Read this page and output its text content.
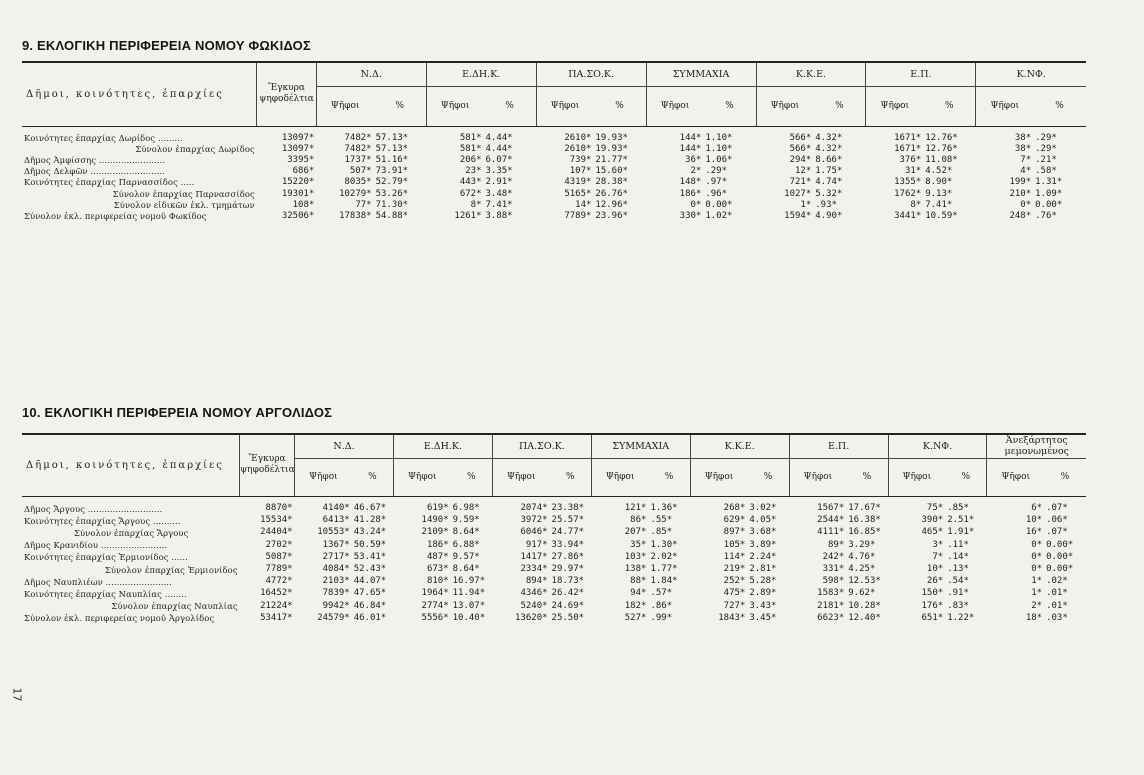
17
9. ΕΚΛΟΓΙΚΗ ΠΕΡΙΦΕΡΕΙΑ ΝΟΜΟΥ ΦΩΚΙΔΟΣ
Δῆμοι, κοινότητες, ἐπαρχίες	Ἔγκυρα ψηφοδέλτια	Ν.Δ.		Ε.ΔΗ.Κ.		ΠΑ.ΣΟ.Κ.		ΣΥΜΜΑΧΙΑ		Κ.Κ.Ε.		Ε.Π.		Κ.ΝΦ.	
		Ψῆφοι	%	Ψῆφοι	%	Ψῆφοι	%	Ψῆφοι	%	Ψῆφοι	%	Ψῆφοι	%	Ψῆφοι	%
Κοινότητες ἐπαρχίας Δωρίδος .........	13097*	7482*	57.13*	581*	4.44*	2610*	19.93*	144*	1.10*	566*	4.32*	1671*	12.76*	38*	.29*
Σύνολον ἐπαρχίας Δωρίδος	13097*	7482*	57.13*	581*	4.44*	2610*	19.93*	144*	1.10*	566*	4.32*	1671*	12.76*	38*	.29*
Δῆμος Ἀμφίσσης ........................	3395*	1737*	51.16*	206*	6.07*	739*	21.77*	36*	1.06*	294*	8.66*	376*	11.08*	7*	.21*
Δῆμος Δελφῶν ...........................	686*	507*	73.91*	23*	3.35*	107*	15.60*	2*	.29*	12*	1.75*	31*	4.52*	4*	.58*
Κοινότητες ἐπαρχίας Παρνασσίδος .....	15220*	8035*	52.79*	443*	2.91*	4319*	28.38*	148*	.97*	721*	4.74*	1355*	8.90*	199*	1.31*
Σύνολον ἐπαρχίας Παρνασσίδος	19301*	10279*	53.26*	672*	3.48*	5165*	26.76*	186*	.96*	1027*	5.32*	1762*	9.13*	210*	1.09*
Σύνολον εἰδικῶν ἐκλ. τμημάτων	108*	77*	71.30*	8*	7.41*	14*	12.96*	0*	0.00*	1*	.93*	8*	7.41*	0*	0.00*
Σύνολον ἐκλ. περιφερείας νομοῦ Φωκίδος	32506*	17838*	54.88*	1261*	3.88*	7789*	23.96*	330*	1.02*	1594*	4.90*	3441*	10.59*	248*	.76*
10. ΕΚΛΟΓΙΚΗ ΠΕΡΙΦΕΡΕΙΑ ΝΟΜΟΥ ΑΡΓΟΛΙΔΟΣ
Δῆμοι, κοινότητες, ἐπαρχίες	Ἔγκυρα ψηφοδέλτια	Ν.Δ.		Ε.ΔΗ.Κ.		ΠΑ.ΣΟ.Κ.		ΣΥΜΜΑΧΙΑ		Κ.Κ.Ε.		Ε.Π.		Κ.ΝΦ.		Ἀνεξάρτητος μεμονωμένος	
		Ψῆφοι	%	Ψῆφοι	%	Ψῆφοι	%	Ψῆφοι	%	Ψῆφοι	%	Ψῆφοι	%	Ψῆφοι	%	Ψῆφοι	%
Δῆμος Ἄργους ...........................	8870*	4140*	46.67*	619*	6.98*	2074*	23.38*	121*	1.36*	268*	3.02*	1567*	17.67*	75*	.85*	6*	.07*
Κοινότητες ἐπαρχίας Ἄργους ..........	15534*	6413*	41.28*	1490*	9.59*	3972*	25.57*	86*	.55*	629*	4.05*	2544*	16.38*	390*	2.51*	10*	.06*
Σύνολον ἐπαρχίας Ἄργους	24404*	10553*	43.24*	2109*	8.64*	6046*	24.77*	207*	.85*	897*	3.68*	4111*	16.85*	465*	1.91*	16*	.07*
Δῆμος Κρανιδίου ........................	2702*	1367*	50.59*	186*	6.88*	917*	33.94*	35*	1.30*	105*	3.89*	89*	3.29*	3*	.11*	0*	0.00*
Κοινότητες ἐπαρχίας Ἑρμιονίδος ......	5087*	2717*	53.41*	487*	9.57*	1417*	27.86*	103*	2.02*	114*	2.24*	242*	4.76*	7*	.14*	0*	0.00*
Σύνολον ἐπαρχίας Ἑρμιονίδος	7789*	4084*	52.43*	673*	8.64*	2334*	29.97*	138*	1.77*	219*	2.81*	331*	4.25*	10*	.13*	0*	0.00*
Δῆμος Ναυπλιέων ........................	4772*	2103*	44.07*	810*	16.97*	894*	18.73*	88*	1.84*	252*	5.28*	598*	12.53*	26*	.54*	1*	.02*
Κοινότητες ἐπαρχίας Ναυπλίας ........	16452*	7839*	47.65*	1964*	11.94*	4346*	26.42*	94*	.57*	475*	2.89*	1583*	9.62*	150*	.91*	1*	.01*
Σύνολον ἐπαρχίας Ναυπλίας	21224*	9942*	46.84*	2774*	13.07*	5240*	24.69*	182*	.86*	727*	3.43*	2181*	10.28*	176*	.83*	2*	.01*
Σύνολον ἐκλ. περιφερείας νομοῦ Ἀργολίδος	53417*	24579*	46.01*	5556*	10.40*	13620*	25.50*	527*	.99*	1843*	3.45*	6623*	12.40*	651*	1.22*	18*	.03*
